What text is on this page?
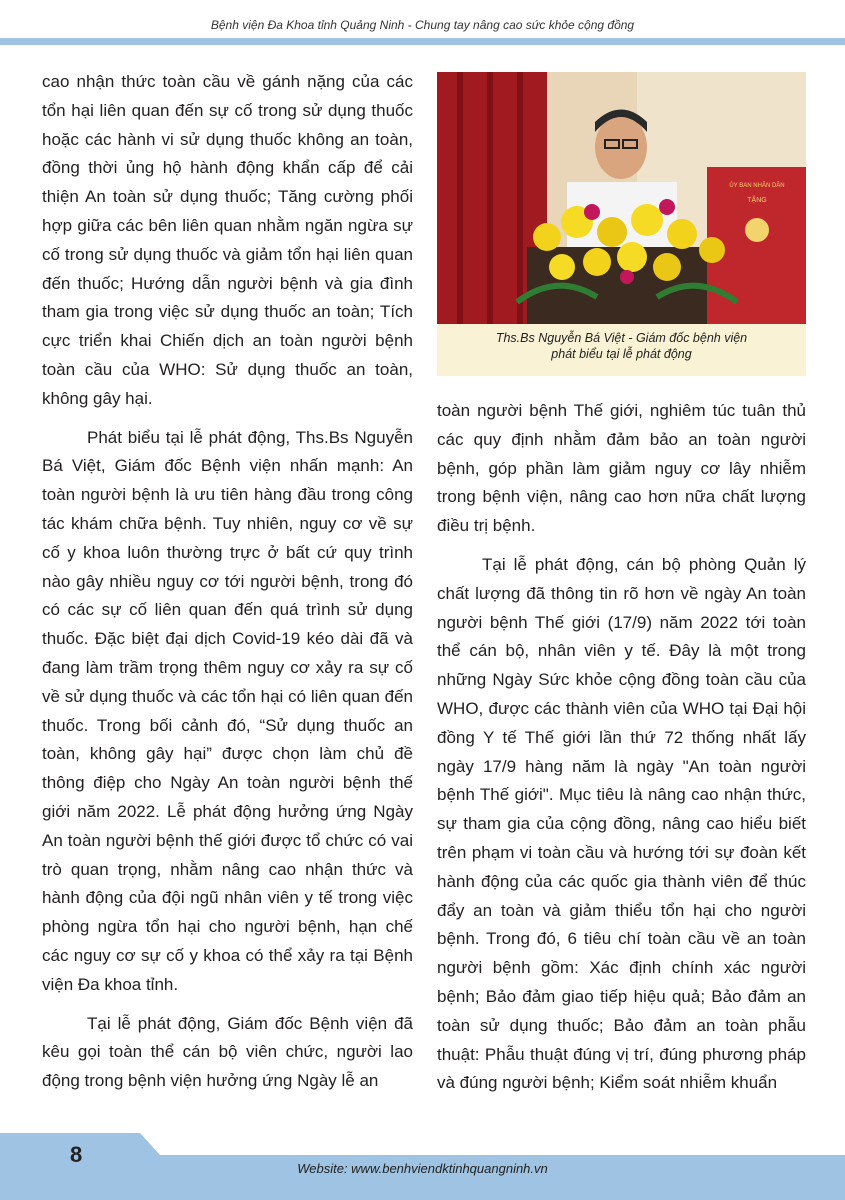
Bệnh viện Đa Khoa tỉnh Quảng Ninh - Chung tay nâng cao sức khỏe cộng đồng

cao nhận thức toàn cầu về gánh nặng của các tổn hại liên quan đến sự cố trong sử dụng thuốc hoặc các hành vi sử dụng thuốc không an toàn, đồng thời ủng hộ hành động khẩn cấp để cải thiện An toàn sử dụng thuốc; Tăng cường phối hợp giữa các bên liên quan nhằm ngăn ngừa sự cố trong sử dụng thuốc và giảm tổn hại liên quan đến thuốc; Hướng dẫn người bệnh và gia đình tham gia trong việc sử dụng thuốc an toàn; Tích cực triển khai Chiến dịch an toàn người bệnh toàn cầu của WHO: Sử dụng thuốc an toàn, không gây hại.

Phát biểu tại lễ phát động, Ths.Bs Nguyễn Bá Việt, Giám đốc Bệnh viện nhấn mạnh: An toàn người bệnh là ưu tiên hàng đầu trong công tác khám chữa bệnh. Tuy nhiên, nguy cơ về sự cố y khoa luôn thường trực ở bất cứ quy trình nào gây nhiều nguy cơ tới người bệnh, trong đó có các sự cố liên quan đến quá trình sử dụng thuốc. Đặc biệt đại dịch Covid-19 kéo dài đã và đang làm trầm trọng thêm nguy cơ xảy ra sự cố về sử dụng thuốc và các tổn hại có liên quan đến thuốc. Trong bối cảnh đó, “Sử dụng thuốc an toàn, không gây hại” được chọn làm chủ đề thông điệp cho Ngày An toàn người bệnh thế giới năm 2022. Lễ phát động hưởng ứng Ngày An toàn người bệnh thế giới được tổ chức có vai trò quan trọng, nhằm nâng cao nhận thức và hành động của đội ngũ nhân viên y tế trong việc phòng ngừa tổn hại cho người bệnh, hạn chế các nguy cơ sự cố y khoa có thể xảy ra tại Bệnh viện Đa khoa tỉnh.

Tại lễ phát động, Giám đốc Bệnh viện đã kêu gọi toàn thể cán bộ viên chức, người lao động trong bệnh viện hưởng ứng Ngày lễ an

ỦY BAN NHÂN DÂN
TẶNG
Ths.Bs Nguyễn Bá Việt - Giám đốc bệnh viện
phát biểu tại lễ phát động

toàn người bệnh Thế giới, nghiêm túc tuân thủ các quy định nhằm đảm bảo an toàn người bệnh, góp phần làm giảm nguy cơ lây nhiễm trong bệnh viện, nâng cao hơn nữa chất lượng điều trị bệnh.

Tại lễ phát động, cán bộ phòng Quản lý chất lượng đã thông tin rõ hơn về ngày An toàn người bệnh Thế giới (17/9) năm 2022 tới toàn thể cán bộ, nhân viên y tế. Đây là một trong những Ngày Sức khỏe cộng đồng toàn cầu của WHO, được các thành viên của WHO tại Đại hội đồng Y tế Thế giới lần thứ 72 thống nhất lấy ngày 17/9 hàng năm là ngày "An toàn người bệnh Thế giới". Mục tiêu là nâng cao nhận thức, sự tham gia của cộng đồng, nâng cao hiểu biết trên phạm vi toàn cầu và hướng tới sự đoàn kết hành động của các quốc gia thành viên để thúc đẩy an toàn và giảm thiểu tổn hại cho người bệnh. Trong đó, 6 tiêu chí toàn cầu về an toàn người bệnh gồm: Xác định chính xác người bệnh; Bảo đảm giao tiếp hiệu quả; Bảo đảm an toàn sử dụng thuốc; Bảo đảm an toàn phẫu thuật: Phẫu thuật đúng vị trí, đúng phương pháp và đúng người bệnh; Kiểm soát nhiễm khuẩn

8
Website: www.benhviendktinhquangninh.vn
